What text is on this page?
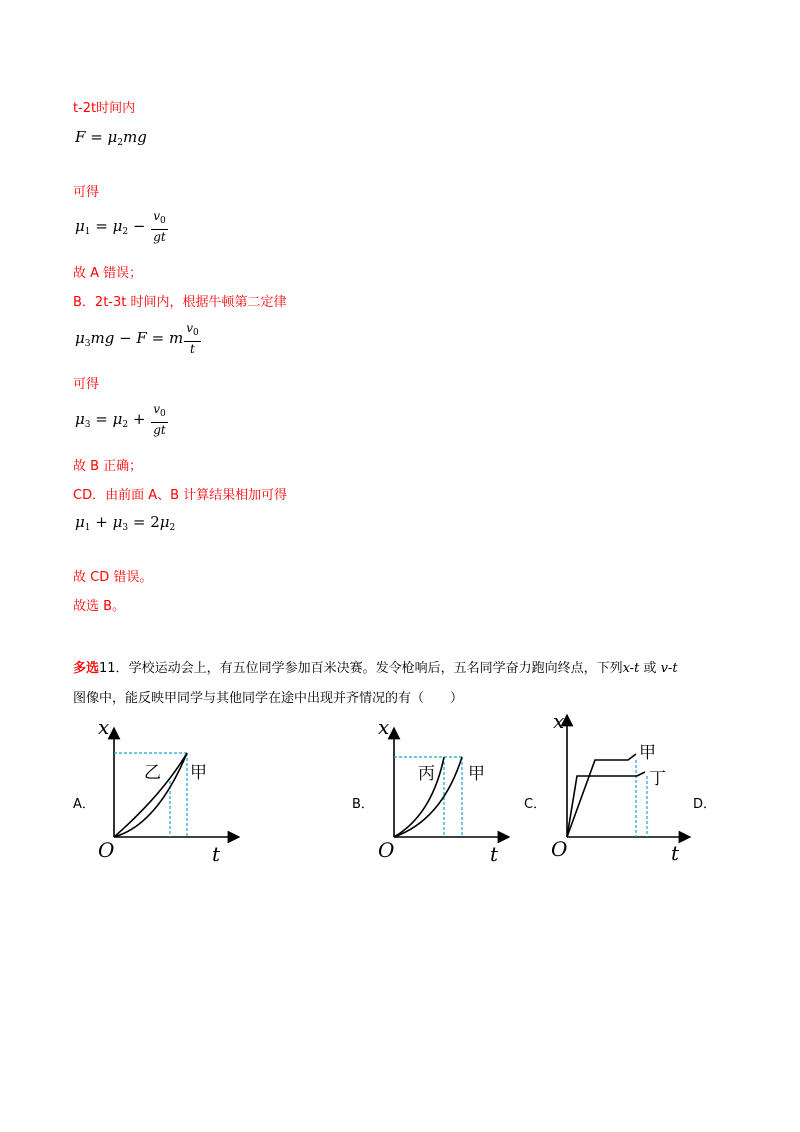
t-2t时间内
$F = \mu_2mg$
可得
$\mu_1 = \mu_2 - \frac{v_0}{gt}$
故 A 错误；
B．2t-3t 时间内，根据牛顿第二定律
$\mu_3mg - F = m \frac{v_0}{t}$
可得
$\mu_3 = \mu_2 + \frac{v_0}{gt}$
故 B 正确；
CD．由前面 A、B 计算结果相加可得
$\mu_1 + \mu_3 = 2\mu_2$
故 CD 错误。
故选 B。
多选11．学校运动会上，有五位同学参加百米决赛。发令枪响后，五名同学奋力跑向终点，下列x-t 或 v-t
图像中，能反映甲同学与其他同学在途中出现并齐情况的有（　　）
A．	B．	C．	D．
x
t
O
乙 甲
x
t
O
丙 甲
x
t
O
甲
丁
